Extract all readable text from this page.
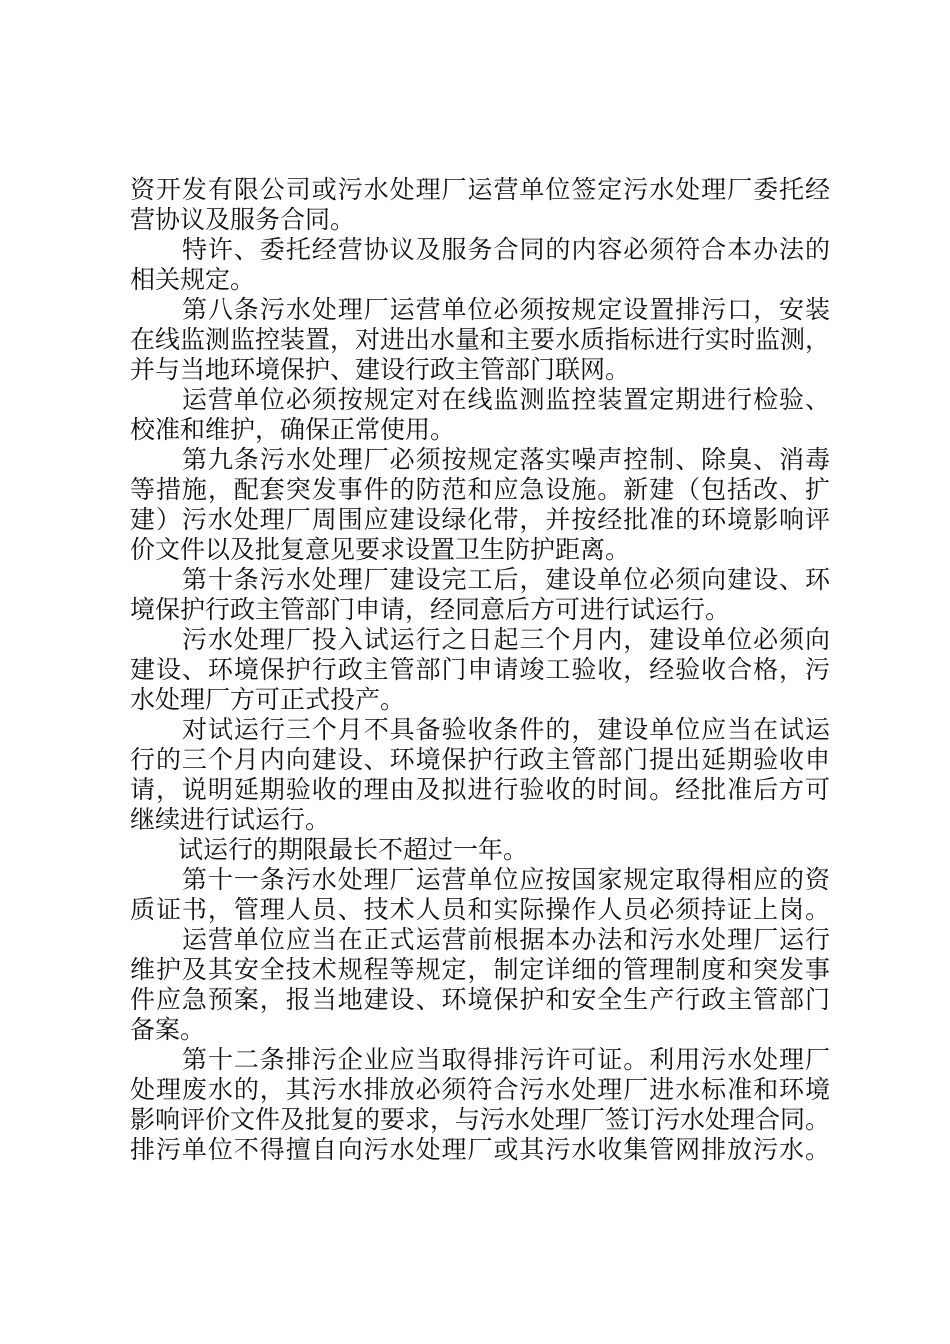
资开发有限公司或污水处理厂运营单位签定污水处理厂委托经
营协议及服务合同。
特许、委托经营协议及服务合同的内容必须符合本办法的
相关规定。
第八条污水处理厂运营单位必须按规定设置排污口，安装
在线监测监控装置，对进出水量和主要水质指标进行实时监测，
并与当地环境保护、建设行政主管部门联网。
运营单位必须按规定对在线监测监控装置定期进行检验、
校准和维护，确保正常使用。
第九条污水处理厂必须按规定落实噪声控制、除臭、消毒
等措施，配套突发事件的防范和应急设施。新建（包括改、扩
建）污水处理厂周围应建设绿化带，并按经批准的环境影响评
价文件以及批复意见要求设置卫生防护距离。
第十条污水处理厂建设完工后，建设单位必须向建设、环
境保护行政主管部门申请，经同意后方可进行试运行。
污水处理厂投入试运行之日起三个月内，建设单位必须向
建设、环境保护行政主管部门申请竣工验收，经验收合格，污
水处理厂方可正式投产。
对试运行三个月不具备验收条件的，建设单位应当在试运
行的三个月内向建设、环境保护行政主管部门提出延期验收申
请，说明延期验收的理由及拟进行验收的时间。经批准后方可
继续进行试运行。
试运行的期限最长不超过一年。
第十一条污水处理厂运营单位应按国家规定取得相应的资
质证书，管理人员、技术人员和实际操作人员必须持证上岗。
运营单位应当在正式运营前根据本办法和污水处理厂运行
维护及其安全技术规程等规定，制定详细的管理制度和突发事
件应急预案，报当地建设、环境保护和安全生产行政主管部门
备案。
第十二条排污企业应当取得排污许可证。利用污水处理厂
处理废水的，其污水排放必须符合污水处理厂进水标准和环境
影响评价文件及批复的要求，与污水处理厂签订污水处理合同。
排污单位不得擅自向污水处理厂或其污水收集管网排放污水。
